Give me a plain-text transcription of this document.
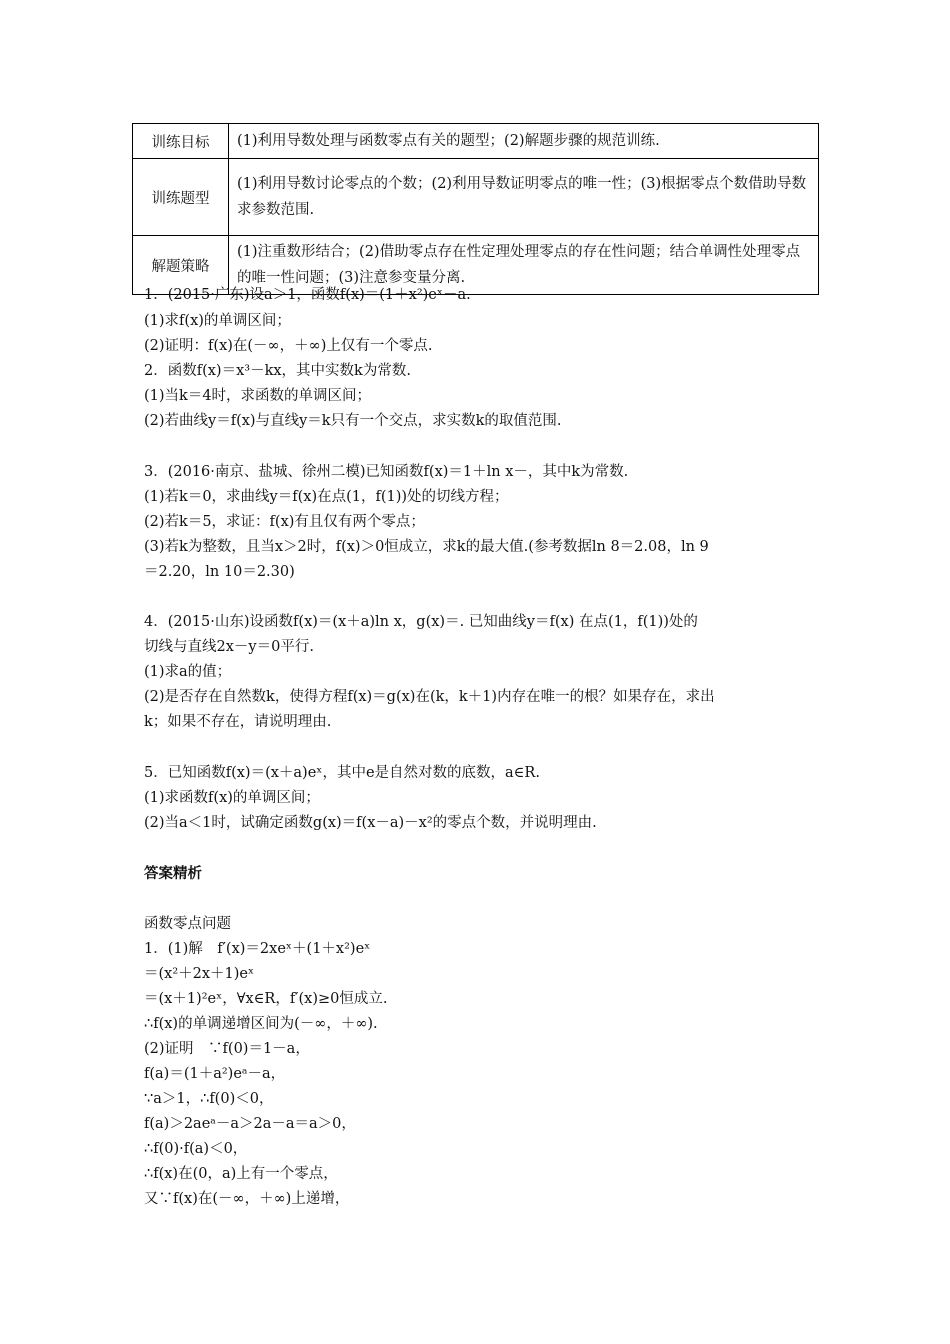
训练目标	(1)利用导数处理与函数零点有关的题型；(2)解题步骤的规范训练.
训练题型	(1)利用导数讨论零点的个数；(2)利用导数证明零点的唯一性；(3)根据零点个数借助导数求参数范围.
解题策略	(1)注重数形结合；(2)借助零点存在性定理处理零点的存在性问题；结合单调性处理零点的唯一性问题；(3)注意参变量分离.
1．(2015·广东)设a＞1，函数f(x)＝(1＋x²)eˣ－a.
(1)求f(x)的单调区间；
(2)证明：f(x)在(－∞，＋∞)上仅有一个零点.
2．函数f(x)＝x³－kx，其中实数k为常数.
(1)当k＝4时，求函数的单调区间；
(2)若曲线y＝f(x)与直线y＝k只有一个交点，求实数k的取值范围.
3．(2016·南京、盐城、徐州二模)已知函数f(x)＝1＋ln x－，其中k为常数.
(1)若k＝0，求曲线y＝f(x)在点(1，f(1))处的切线方程；
(2)若k＝5，求证：f(x)有且仅有两个零点；
(3)若k为整数，且当x＞2时，f(x)＞0恒成立，求k的最大值.(参考数据ln 8＝2.08，ln 9
＝2.20，ln 10＝2.30)
4．(2015·山东)设函数f(x)＝(x＋a)ln x，g(x)＝. 已知曲线y＝f(x) 在点(1，f(1))处的
切线与直线2x－y＝0平行.
(1)求a的值；
(2)是否存在自然数k，使得方程f(x)＝g(x)在(k，k＋1)内存在唯一的根？如果存在，求出
k；如果不存在，请说明理由.
5．已知函数f(x)＝(x＋a)eˣ，其中e是自然对数的底数，a∈R.
(1)求函数f(x)的单调区间；
(2)当a＜1时，试确定函数g(x)＝f(x－a)－x²的零点个数，并说明理由.
答案精析
函数零点问题
1．(1)解　f′(x)＝2xeˣ＋(1＋x²)eˣ
＝(x²＋2x＋1)eˣ
＝(x＋1)²eˣ，∀x∈R，f′(x)≥0恒成立.
∴f(x)的单调递增区间为(－∞，＋∞).
(2)证明　∵f(0)＝1－a，
f(a)＝(1＋a²)eᵃ－a，
∵a＞1，∴f(0)＜0，
f(a)＞2aeᵃ－a＞2a－a＝a＞0，
∴f(0)·f(a)＜0，
∴f(x)在(0，a)上有一个零点，
又∵f(x)在(－∞，＋∞)上递增，
